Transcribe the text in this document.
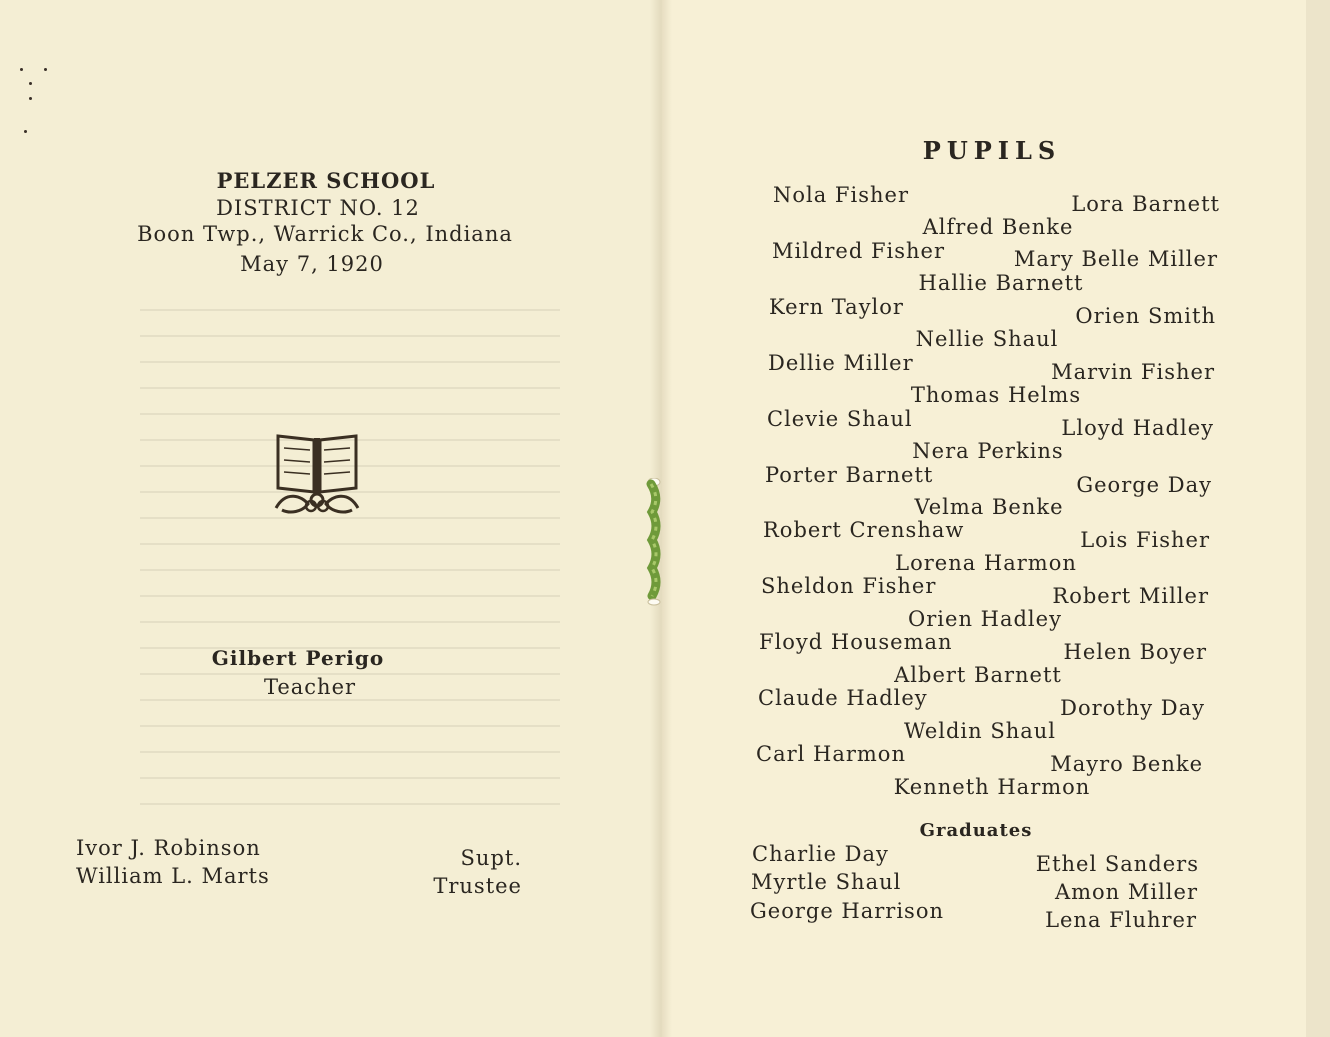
PELZER SCHOOL
DISTRICT NO. 12
Boon Twp., Warrick Co., Indiana
May 7, 1920
Gilbert Perigo
Teacher
Ivor J. Robinson
William L. Marts
Supt.
Trustee
PUPILS
Nola Fisher	Lora Barnett
Alfred Benke
Mildred Fisher	Mary Belle Miller
Hallie Barnett
Kern Taylor	Orien Smith
Nellie Shaul
Dellie Miller	Marvin Fisher
Thomas Helms
Clevie Shaul	Lloyd Hadley
Nera Perkins
Porter Barnett	George Day
Velma Benke
Robert Crenshaw	Lois Fisher
Lorena Harmon
Sheldon Fisher	Robert Miller
Orien Hadley
Floyd Houseman	Helen Boyer
Albert Barnett
Claude Hadley	Dorothy Day
Weldin Shaul
Carl Harmon	Mayro Benke
Kenneth Harmon
Graduates
Charlie Day
Myrtle Shaul
George Harrison
Ethel Sanders
Amon Miller
Lena Fluhrer
